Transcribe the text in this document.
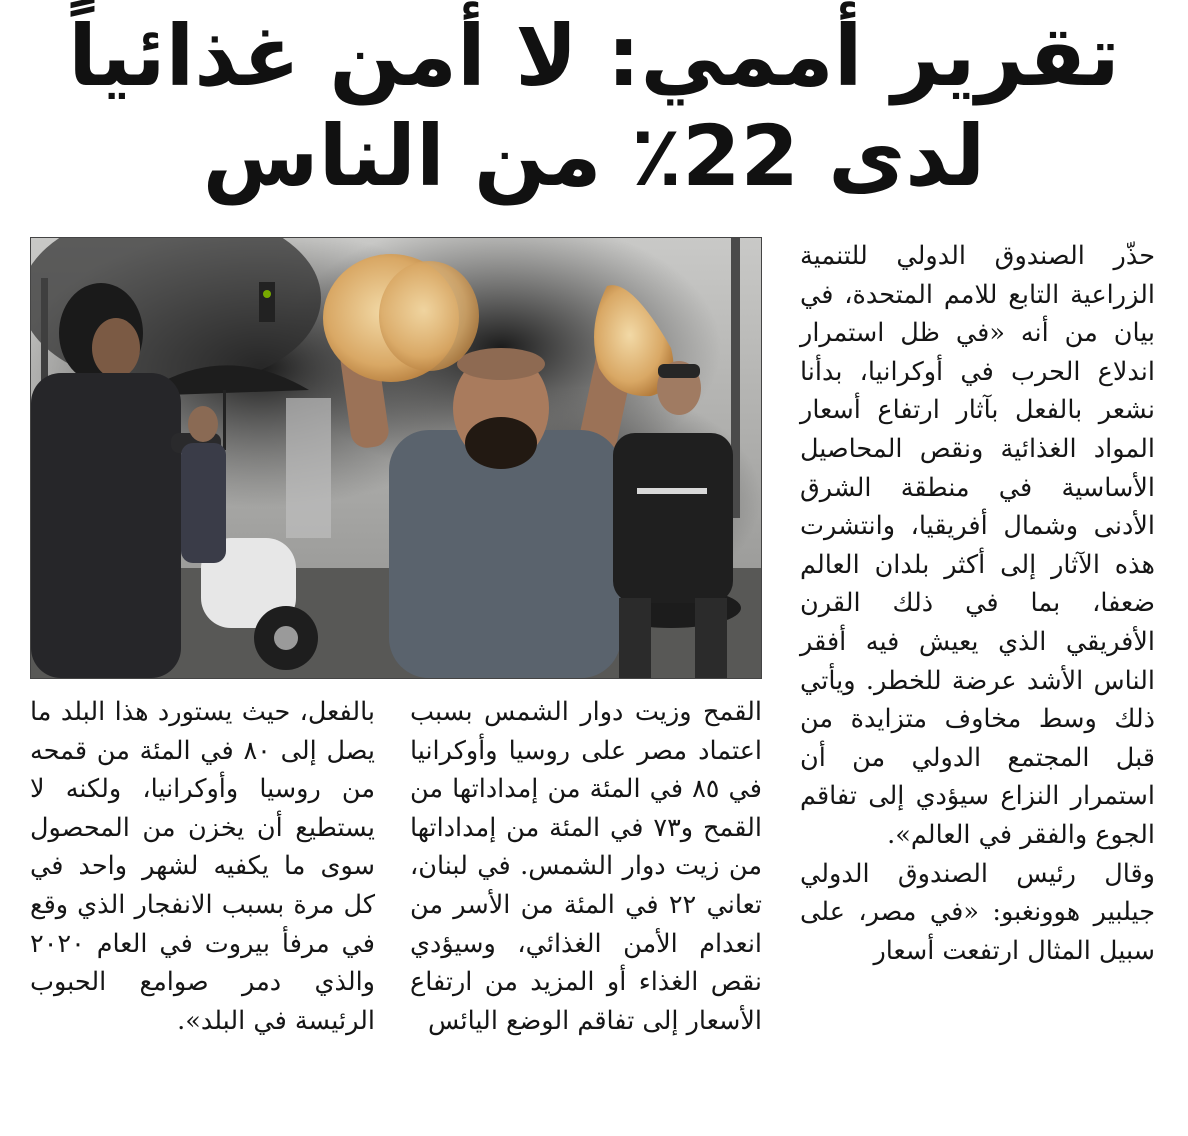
تقرير أممي: لا أمن غذائياً
لدى 22٪ من الناس

حذّر الصندوق الدولي للتنمية الزراعية التابع للامم المتحدة، في بيان من أنه «في ظل استمرار اندلاع الحرب في أوكرانيا، بدأنا نشعر بالفعل بآثار ارتفاع أسعار المواد الغذائية ونقص المحاصيل الأساسية في منطقة الشرق الأدنى وشمال أفريقيا، وانتشرت هذه الآثار إلى أكثر بلدان العالم ضعفا، بما في ذلك القرن الأفريقي الذي يعيش فيه أفقر الناس الأشد عرضة للخطر. ويأتي ذلك وسط مخاوف متزايدة من قبل المجتمع الدولي من أن استمرار النزاع سيؤدي إلى تفاقم الجوع والفقر في العالم».

وقال رئيس الصندوق الدولي جيلبير هوونغبو: «في مصر، على سبيل المثال ارتفعت أسعار

القمح وزيت دوار الشمس بسبب اعتماد مصر على روسيا وأوكرانيا في ٨٥ في المئة من إمداداتها من القمح و٧٣ في المئة من إمداداتها من زيت دوار الشمس. في لبنان، تعاني ٢٢ في المئة من الأسر من انعدام الأمن الغذائي، وسيؤدي نقص الغذاء أو المزيد من ارتفاع الأسعار إلى تفاقم الوضع اليائس

بالفعل، حيث يستورد هذا البلد ما يصل إلى ٨٠ في المئة من قمحه من روسيا وأوكرانيا، ولكنه لا يستطيع أن يخزن من المحصول سوى ما يكفيه لشهر واحد في كل مرة بسبب الانفجار الذي وقع في مرفأ بيروت في العام ٢٠٢٠ والذي دمر صوامع الحبوب الرئيسة في البلد».
